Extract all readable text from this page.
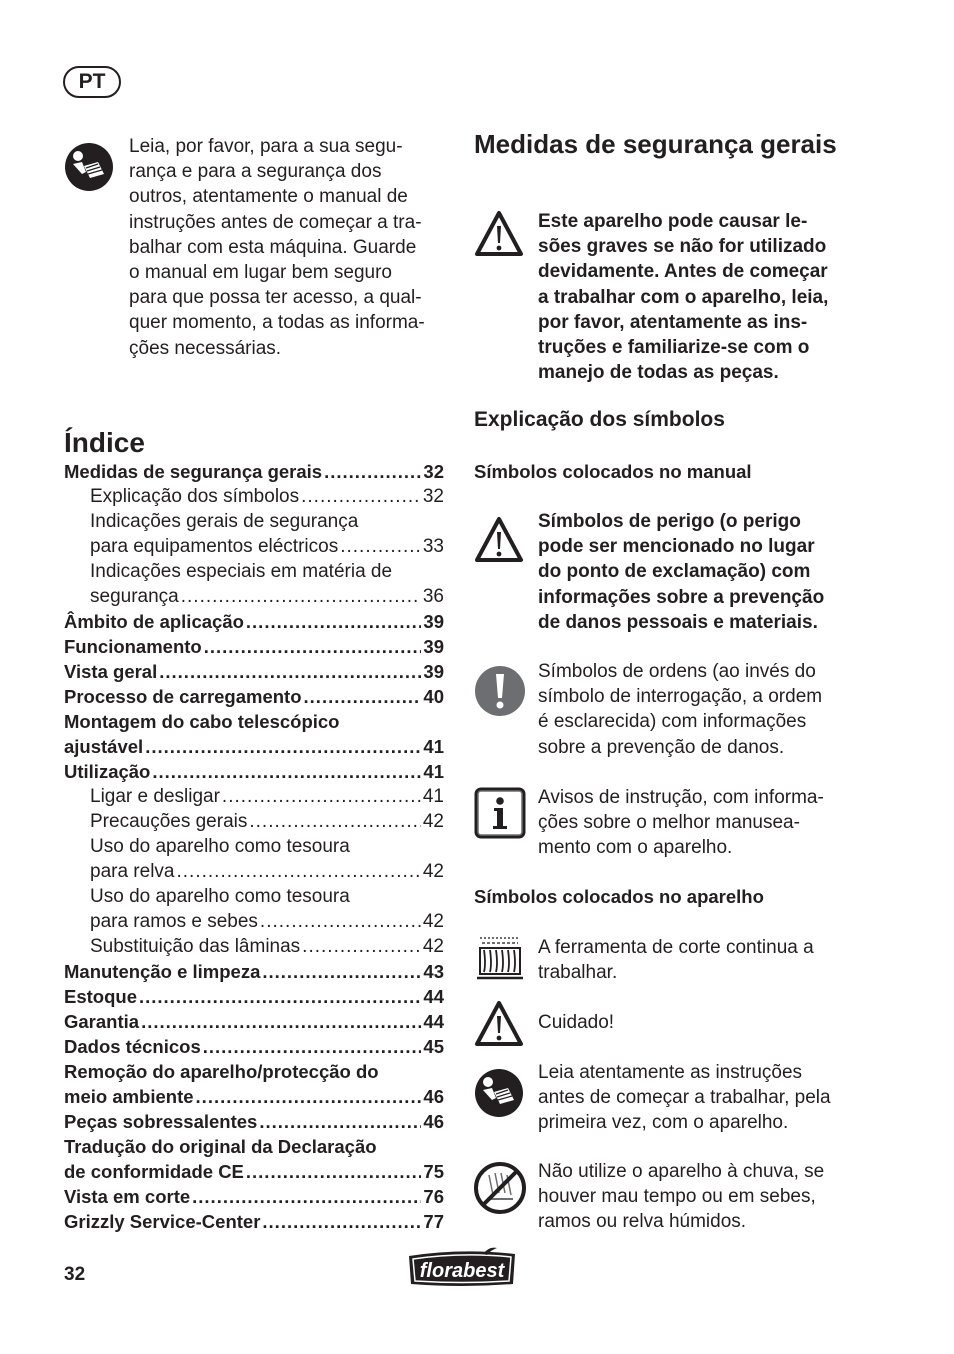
PT
Leia, por favor, para a sua segu-
rança e para a segurança dos
outros, atentamente o manual de
instruções antes de começar a tra-
balhar com esta máquina. Guarde
o manual em lugar bem seguro
para que possa ter acesso, a qual-
quer momento, a todas as informa-
ções necessárias.
Índice
Medidas de segurança gerais .....	32
Explicação dos símbolos .....	32
Indicações gerais de segurança
para equipamentos eléctricos .....	33
Indicações especiais em matéria de
segurança .....	36
Âmbito de aplicação .....	39
Funcionamento .....	39
Vista geral .....	39
Processo de carregamento .....	40
Montagem do cabo telescópico
ajustável .....	41
Utilização .....	41
Ligar e desligar .....	41
Precauções gerais .....	42
Uso do aparelho como tesoura
para relva .....	42
Uso do aparelho como tesoura
para ramos e sebes .....	42
Substituição das lâminas .....	42
Manutenção e limpeza .....	43
Estoque .....	44
Garantia .....	44
Dados técnicos .....	45
Remoção do aparelho/protecção do
meio ambiente .....	46
Peças sobressalentes .....	46
Tradução do original da Declaração
de conformidade CE .....	75
Vista em corte .....	76
Grizzly Service-Center .....	77
Medidas de segurança gerais
Este aparelho pode causar le-
sões graves se não for utilizado
devidamente. Antes de começar
a trabalhar com o aparelho, leia,
por favor, atentamente as ins-
truções e familiarize-se com o
manejo de todas as peças.
Explicação dos símbolos
Símbolos colocados no manual
Símbolos de perigo (o perigo
pode ser mencionado no lugar
do ponto de exclamação) com
informações sobre a prevenção
de danos pessoais e materiais.
Símbolos de ordens (ao invés do
símbolo de interrogação, a ordem
é esclarecida) com informações
sobre a prevenção de danos.
Avisos de instrução, com informa-
ções sobre o melhor manusea-
mento com o aparelho.
Símbolos colocados no aparelho
A ferramenta de corte continua a
trabalhar.
Cuidado!
Leia atentamente as instruções
antes de começar a trabalhar, pela
primeira vez, com o aparelho.
Não utilize o aparelho à chuva, se
houver mau tempo ou em sebes,
ramos ou relva húmidos.
32	florabest
